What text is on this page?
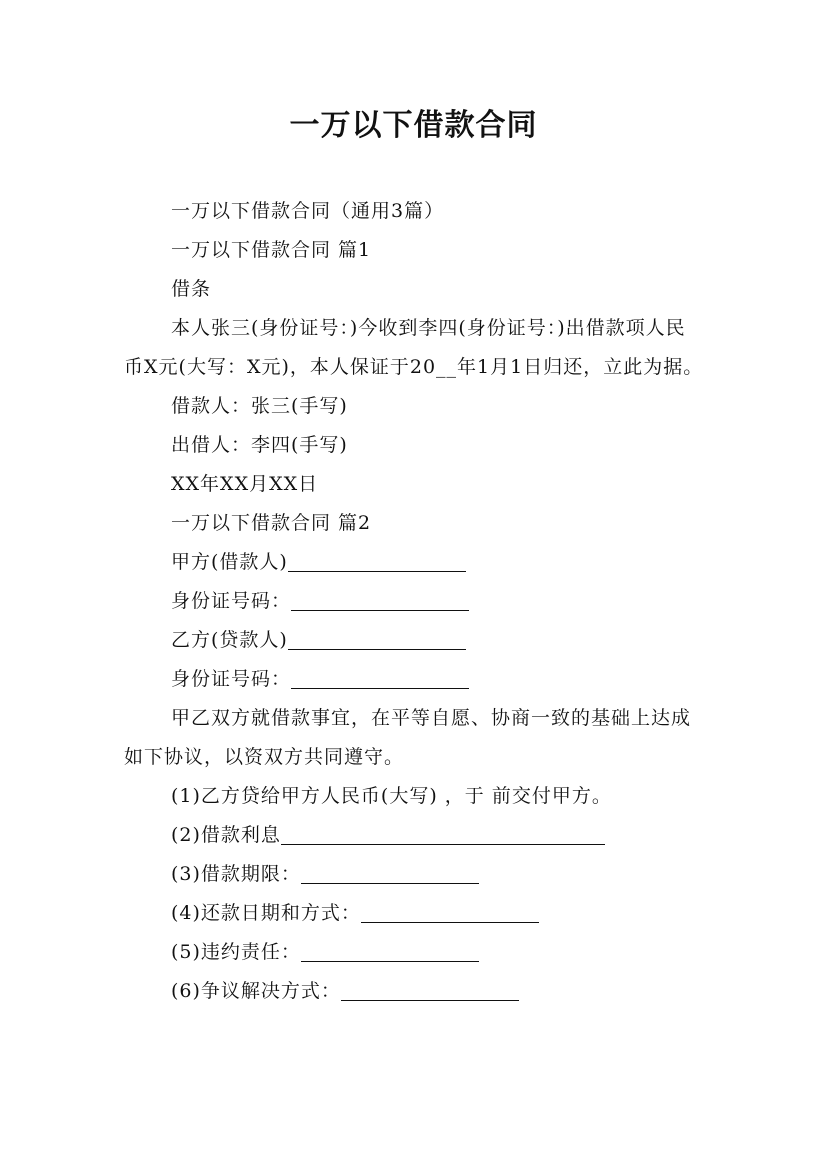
一万以下借款合同

一万以下借款合同（通用3篇）

一万以下借款合同 篇1

借条

本人张三(身份证号：)今收到李四(身份证号：)出借款项人民币X元(大写：X元)，本人保证于20__年1月1日归还，立此为据。

借款人：张三(手写)

出借人：李四(手写)

XX年XX月XX日

一万以下借款合同 篇2

甲方(借款人)

身份证号码：

乙方(贷款人)

身份证号码：

甲乙双方就借款事宜，在平等自愿、协商一致的基础上达成如下协议，以资双方共同遵守。

(1)乙方贷给甲方人民币(大写) ，于 前交付甲方。

(2)借款利息

(3)借款期限：

(4)还款日期和方式：

(5)违约责任：

(6)争议解决方式：
